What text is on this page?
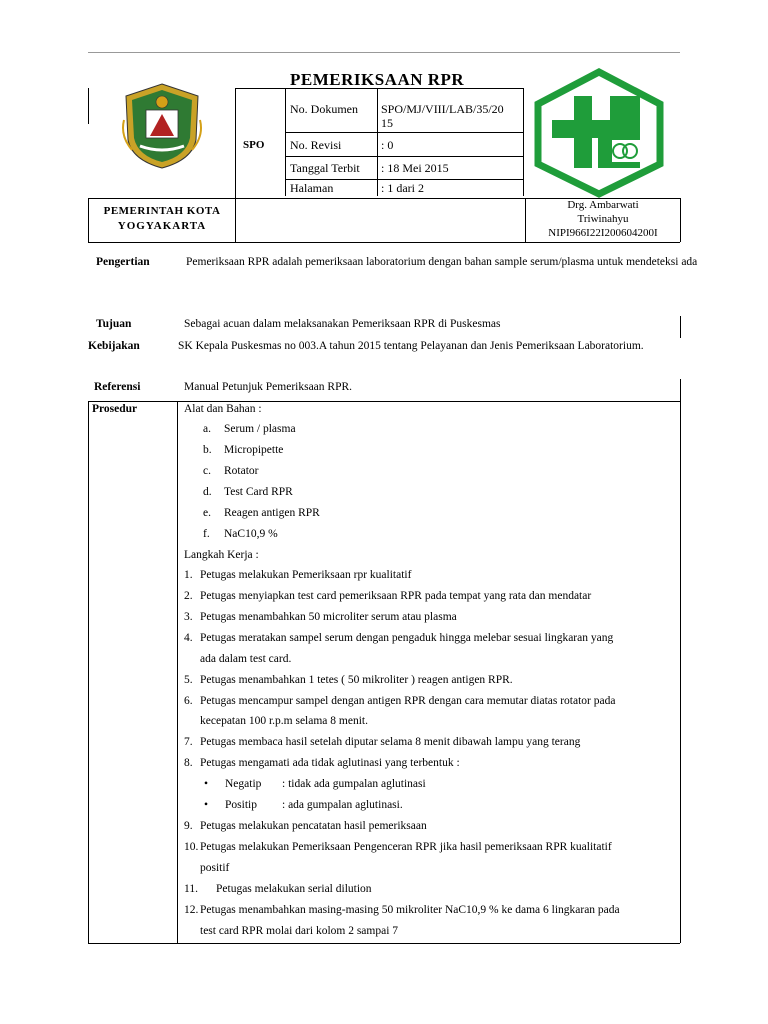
PEMERIKSAAN RPR
SPO
No. Dokumen SPO/MJ/VIII/LAB/35/20
15
No. Revisi	: 0
Tanggal Terbit : 18 Mei 2015
Halaman	: 1 dari 2
PEMERINTAH KOTA
YOGYAKARTA
Drg. Ambarwati
Triwinahyu
NIPI966I22I200604200I
Pengertian	Pemeriksaan RPR adalah pemeriksaan laboratorium dengan bahan sample serum/plasma untuk mendeteksi ada
Tujuan	Sebagai acuan dalam melaksanakan Pemeriksaan RPR di Puskesmas
Kebijakan	SK Kepala Puskesmas no 003.A tahun 2015 tentang Pelayanan dan Jenis Pemeriksaan Laboratorium.
Referensi	Manual Petunjuk Pemeriksaan RPR.
Prosedur	Alat dan Bahan :
a. Serum / plasma
b. Micropipette
c. Rotator
d. Test Card RPR
e. Reagen antigen RPR
f. NaC10,9 %
Langkah Kerja :
1. Petugas melakukan Pemeriksaan rpr kualitatif
2. Petugas menyiapkan test card pemeriksaan RPR pada tempat yang rata dan mendatar
3. Petugas menambahkan 50 microliter serum atau plasma
4. Petugas meratakan sampel serum dengan pengaduk hingga melebar sesuai lingkaran yang
ada dalam test card.
5. Petugas menambahkan 1 tetes ( 50 mikroliter ) reagen antigen RPR.
6. Petugas mencampur sampel dengan antigen RPR dengan cara memutar diatas rotator pada
kecepatan 100 r.p.m selama 8 menit.
7. Petugas membaca hasil setelah diputar selama 8 menit dibawah lampu yang terang
8. Petugas mengamati ada tidak aglutinasi yang terbentuk :
• Negatip : tidak ada gumpalan aglutinasi
• Positip : ada gumpalan aglutinasi.
9. Petugas melakukan pencatatan hasil pemeriksaan
10. Petugas melakukan Pemeriksaan Pengenceran RPR jika hasil pemeriksaan RPR kualitatif
positif
11. Petugas melakukan serial dilution
12. Petugas menambahkan masing-masing 50 mikroliter NaC10,9 % ke dama 6 lingkaran pada
test card RPR molai dari kolom 2 sampai 7
